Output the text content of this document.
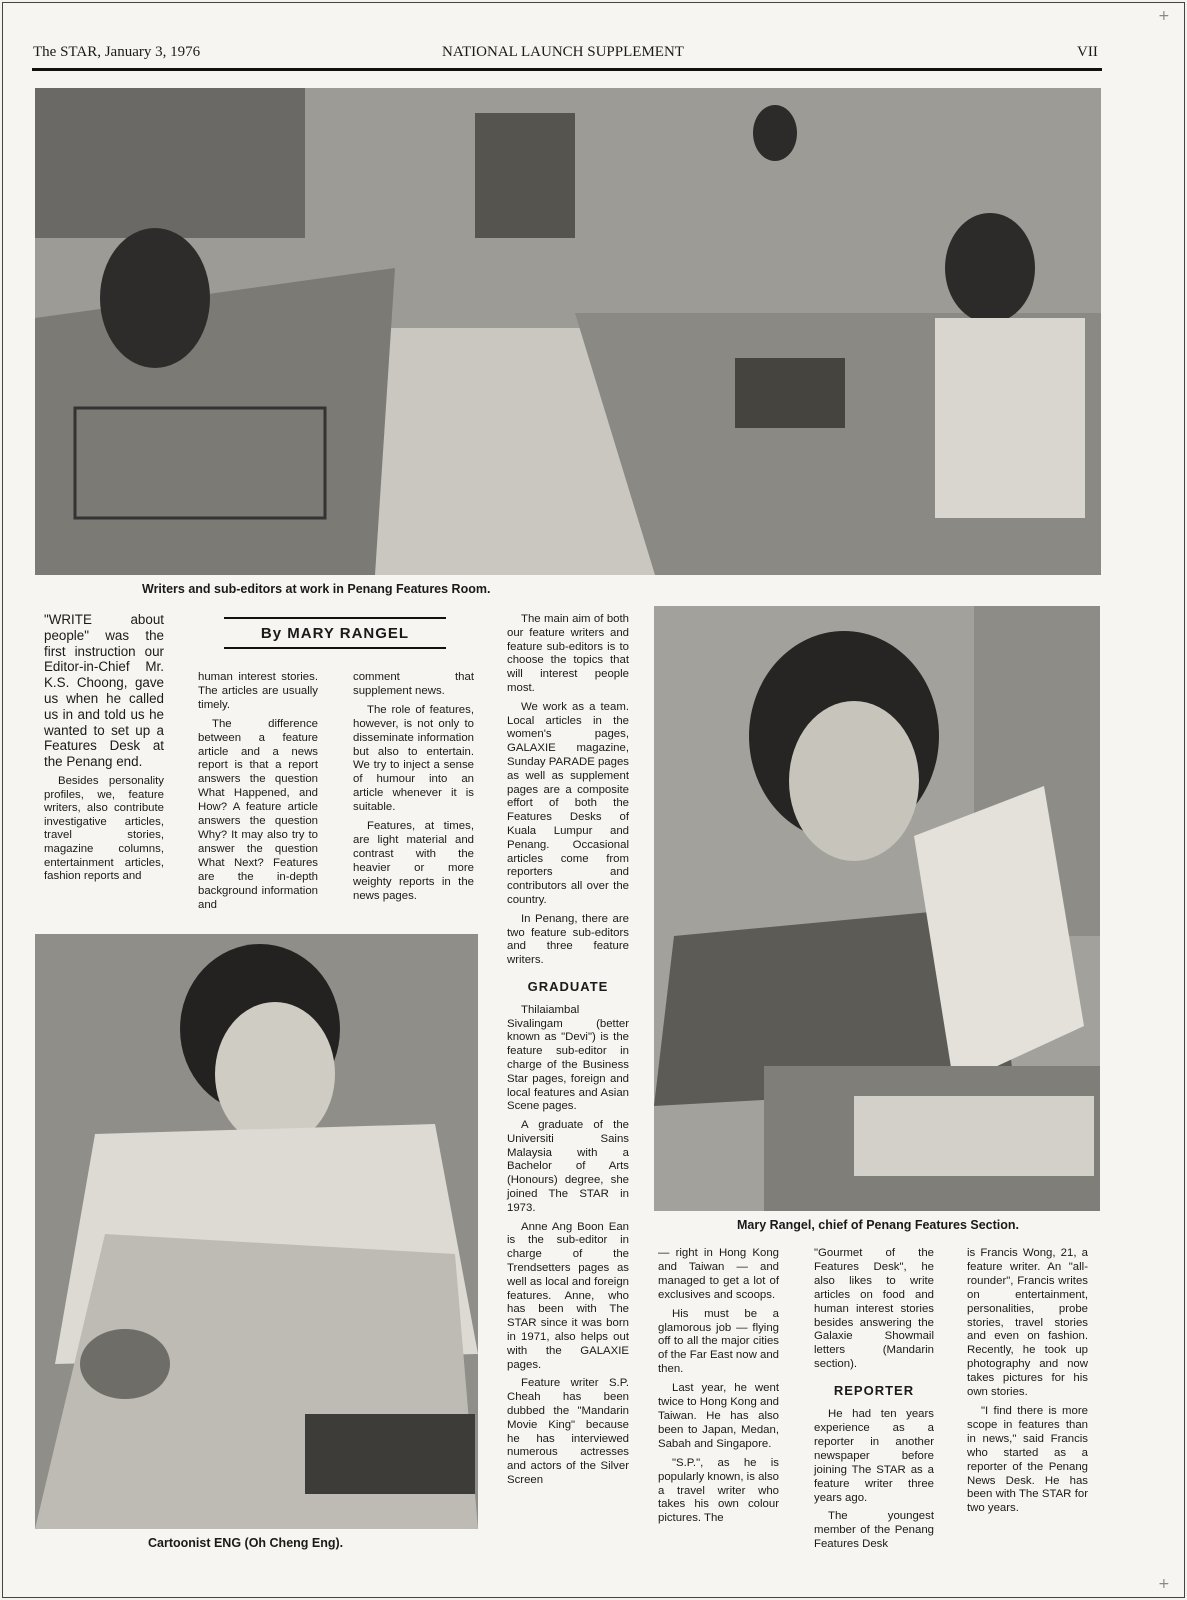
+
+
The STAR, January 3, 1976	NATIONAL LAUNCH SUPPLEMENT	VII
Writers and sub-editors at work in Penang Features Room.
Mary Rangel, chief of Penang Features Section.
Cartoonist ENG (Oh Cheng Eng).
By MARY RANGEL

"WRITE about people" was the first instruction our Editor-in-Chief Mr. K.S. Choong, gave us when he called us in and told us he wanted to set up a Features Desk at the Penang end.

Besides personality profiles, we, feature writers, also contribute investigative articles, travel stories, magazine columns, entertainment articles, fashion reports and

human interest stories. The articles are usually timely.

The difference between a feature article and a news report is that a report answers the question What Happened, and How? A feature article answers the question Why? It may also try to answer the question What Next? Features are the in-depth background information and

comment that supplement news.

The role of features, however, is not only to disseminate information but also to entertain. We try to inject a sense of humour into an article whenever it is suitable.

Features, at times, are light material and contrast with the heavier or more weighty reports in the news pages.

The main aim of both our feature writers and feature sub-editors is to choose the topics that will interest people most.

We work as a team. Local articles in the women's pages, GALAXIE magazine, Sunday PARADE pages as well as supplement pages are a composite effort of both the Features Desks of Kuala Lumpur and Penang. Occasional articles come from reporters and contributors all over the country.

In Penang, there are two feature sub-editors and three feature writers.

GRADUATE

Thilaiambal Sivalingam (better known as "Devi") is the feature sub-editor in charge of the Business Star pages, foreign and local features and Asian Scene pages.

A graduate of the Universiti Sains Malaysia with a Bachelor of Arts (Honours) degree, she joined The STAR in 1973.

Anne Ang Boon Ean is the sub-editor in charge of the Trendsetters pages as well as local and foreign features. Anne, who has been with The STAR since it was born in 1971, also helps out with the GALAXIE pages.

Feature writer S.P. Cheah has been dubbed the "Mandarin Movie King" because he has interviewed numerous actresses and actors of the Silver Screen

— right in Hong Kong and Taiwan — and managed to get a lot of exclusives and scoops.

His must be a glamorous job — flying off to all the major cities of the Far East now and then.

Last year, he went twice to Hong Kong and Taiwan. He has also been to Japan, Medan, Sabah and Singapore.

"S.P.", as he is popularly known, is also a travel writer who takes his own colour pictures. The

"Gourmet of the Features Desk", he also likes to write articles on food and human interest stories besides answering the Galaxie Showmail letters (Mandarin section).

REPORTER

He had ten years experience as a reporter in another newspaper before joining The STAR as a feature writer three years ago.

The youngest member of the Penang Features Desk

is Francis Wong, 21, a feature writer. An "all-rounder", Francis writes on entertainment, personalities, probe stories, travel stories and even on fashion. Recently, he took up photography and now takes pictures for his own stories.

"I find there is more scope in features than in news," said Francis who started as a reporter of the Penang News Desk. He has been with The STAR for two years.
